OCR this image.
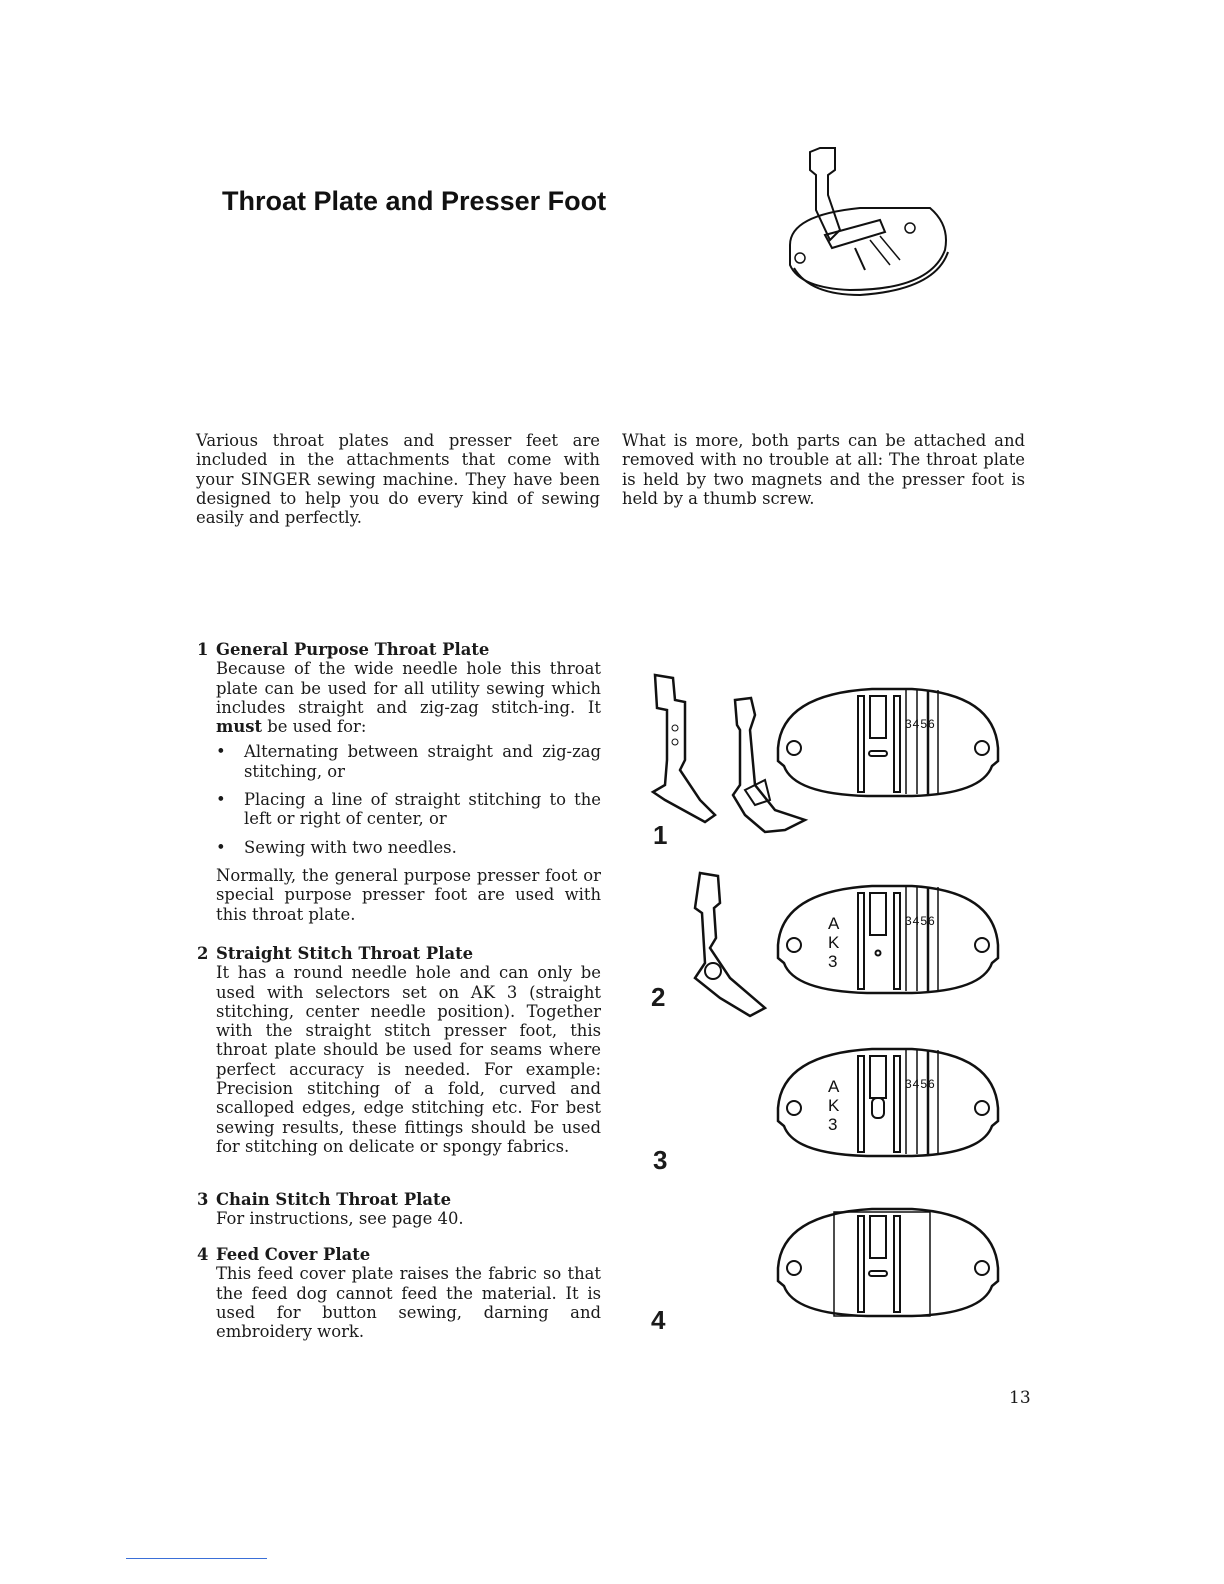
Throat Plate and Presser Foot
Various throat plates and presser feet are included in the attachments that come with your SINGER sewing machine. They have been designed to help you do every kind of sewing easily and perfectly.
What is more, both parts can be attached and removed with no trouble at all: The throat plate is held by two magnets and the presser foot is held by a thumb screw.
1 General Purpose Throat Plate

Because of the wide needle hole this throat plate can be used for all utility sewing which includes straight and zig-zag stitch-ing. It must be used for:

• Alternating between straight and zig-zag stitching, or
• Placing a line of straight stitching to the left or right of center, or
• Sewing with two needles.

Normally, the general purpose presser foot or special purpose presser foot are used with this throat plate.

2 Straight Stitch Throat Plate

It has a round needle hole and can only be used with selectors set on AK 3 (straight stitching, center needle position). Together with the straight stitch presser foot, this throat plate should be used for seams where perfect accuracy is needed. For example: Precision stitching of a fold, curved and scalloped edges, edge stitching etc. For best sewing results, these fittings should be used for stitching on delicate or spongy fabrics.

3 Chain Stitch Throat Plate

For instructions, see page 40.

4 Feed Cover Plate

This feed cover plate raises the fabric so that the feed dog cannot feed the material. It is used for button sewing, darning and embroidery work.

1
2
3
4
3456
3456
A
K
3
3456
A
K
3
13
